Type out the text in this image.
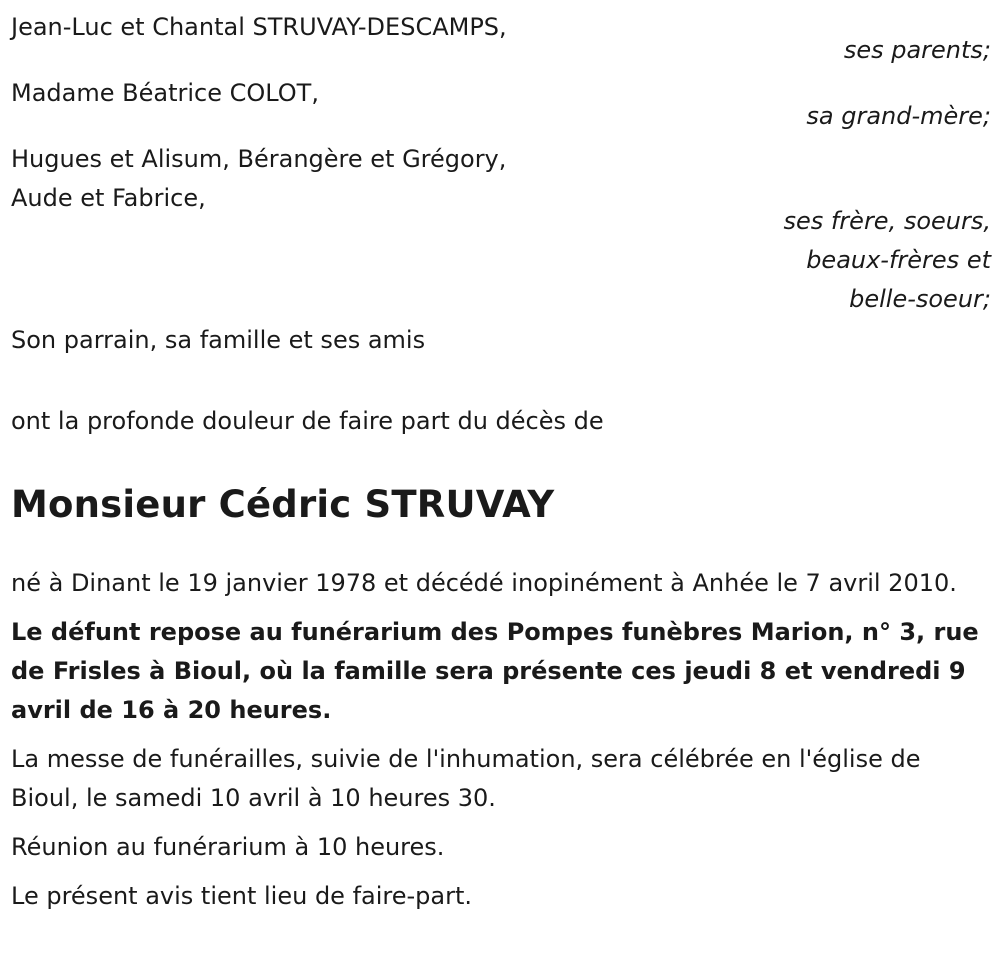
Jean-Luc et Chantal STRUVAY-DESCAMPS,

ses parents;

Madame Béatrice COLOT,

sa grand-mère;

Hugues et Alisum, Bérangère et Grégory,

Aude et Fabrice,

ses frère, soeurs,

beaux-frères et

belle-soeur;

Son parrain, sa famille et ses amis

ont la profonde douleur de faire part du décès de

Monsieur Cédric STRUVAY

né à Dinant le 19 janvier 1978 et décédé inopinément à Anhée le 7 avril 2010.

Le défunt repose au funérarium des Pompes funèbres Marion, n° 3, rue de Frisles à Bioul, où la famille sera présente ces jeudi 8 et vendredi 9 avril de 16 à 20 heures.

La messe de funérailles, suivie de l'inhumation, sera célébrée en l'église de Bioul, le samedi 10 avril à 10 heures 30.

Réunion au funérarium à 10 heures.

Le présent avis tient lieu de faire-part.
